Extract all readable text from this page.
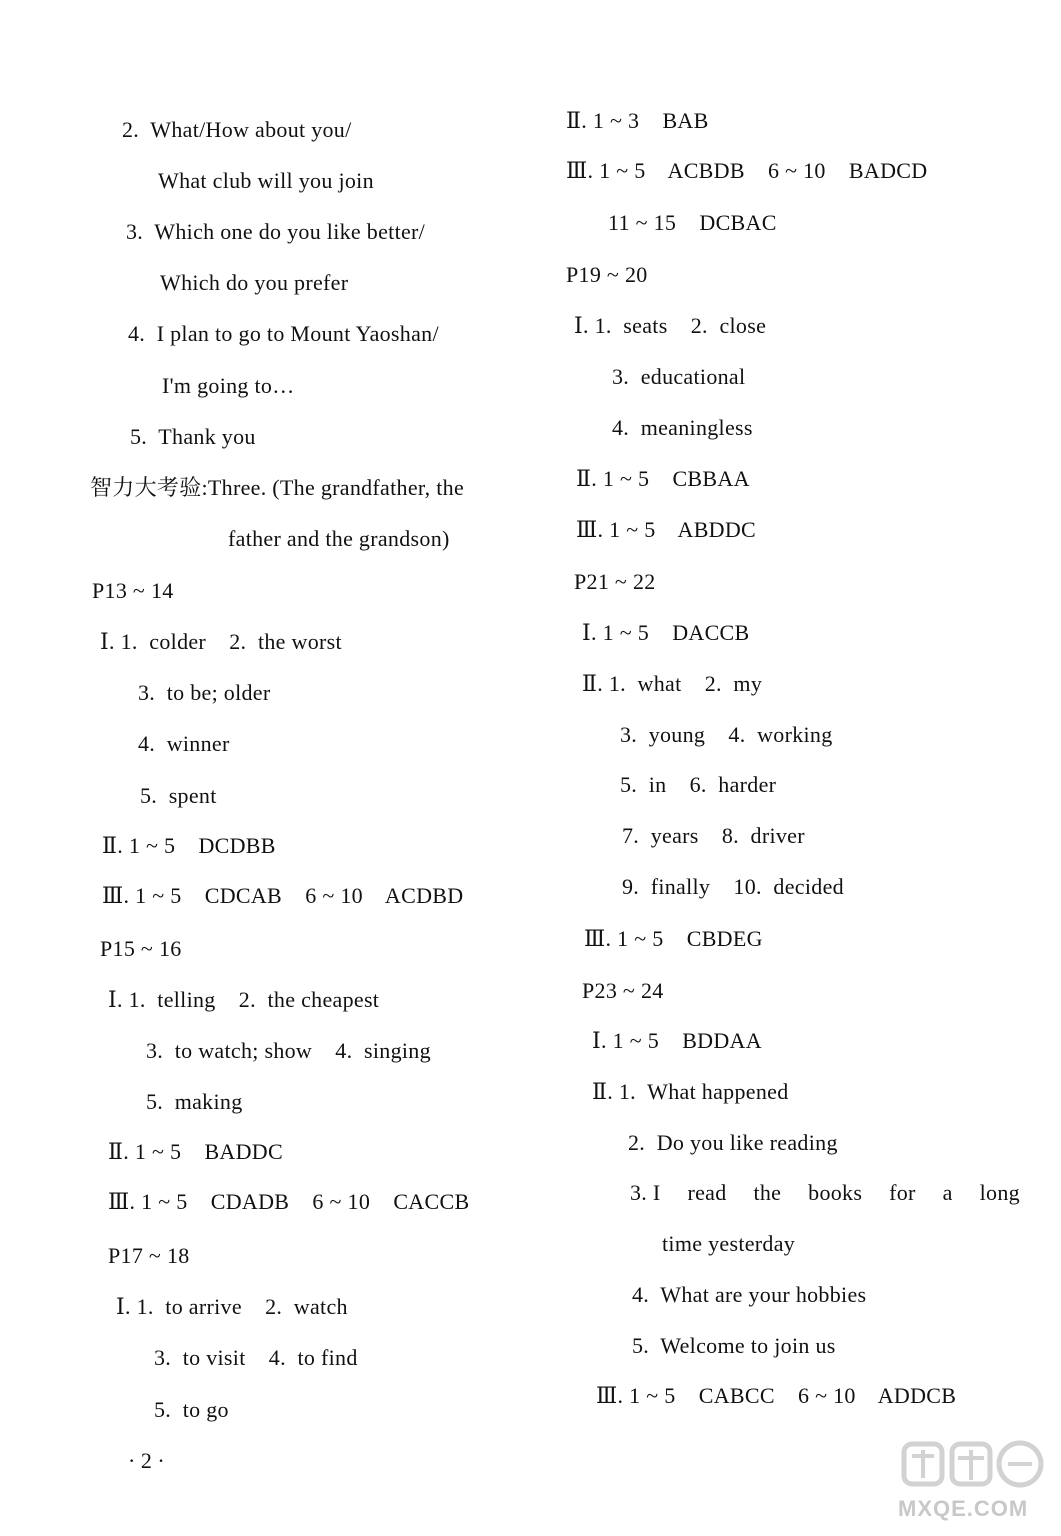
2.  What/How about you/
What club will you join
3.  Which one do you like better/
Which do you prefer
4.  I plan to go to Mount Yaoshan/
I'm going to…
5.  Thank you
智力大考验:Three. (The grandfather, the
father and the grandson)
P13 ~ 14
Ⅰ. 1.  colder    2.  the worst
3.  to be; older
4.  winner
5.  spent
Ⅱ. 1 ~ 5    DCDBB
Ⅲ. 1 ~ 5    CDCAB    6 ~ 10    ACDBD
P15 ~ 16
Ⅰ. 1.  telling    2.  the cheapest
3.  to watch; show    4.  singing
5.  making
Ⅱ. 1 ~ 5    BADDC
Ⅲ. 1 ~ 5    CDADB    6 ~ 10    CACCB
P17 ~ 18
Ⅰ. 1.  to arrive    2.  watch
3.  to visit    4.  to find
5.  to go
Ⅱ. 1 ~ 3    BAB
Ⅲ. 1 ~ 5    ACBDB    6 ~ 10    BADCD
11 ~ 15    DCBAC
P19 ~ 20
Ⅰ. 1.  seats    2.  close
3.  educational
4.  meaningless
Ⅱ. 1 ~ 5    CBBAA
Ⅲ. 1 ~ 5    ABDDC
P21 ~ 22
Ⅰ. 1 ~ 5    DACCB
Ⅱ. 1.  what    2.  my
3.  young    4.  working
5.  in    6.  harder
7.  years    8.  driver
9.  finally    10.  decided
Ⅲ. 1 ~ 5    CBDEG
P23 ~ 24
Ⅰ. 1 ~ 5    BDDAA
Ⅱ. 1.  What happened
2.  Do you like reading
3. I read the books for a long
time yesterday
4.  What are your hobbies
5.  Welcome to join us
Ⅲ. 1 ~ 5    CABCC    6 ~ 10    ADDCB
· 2 ·
MXQE.COM
